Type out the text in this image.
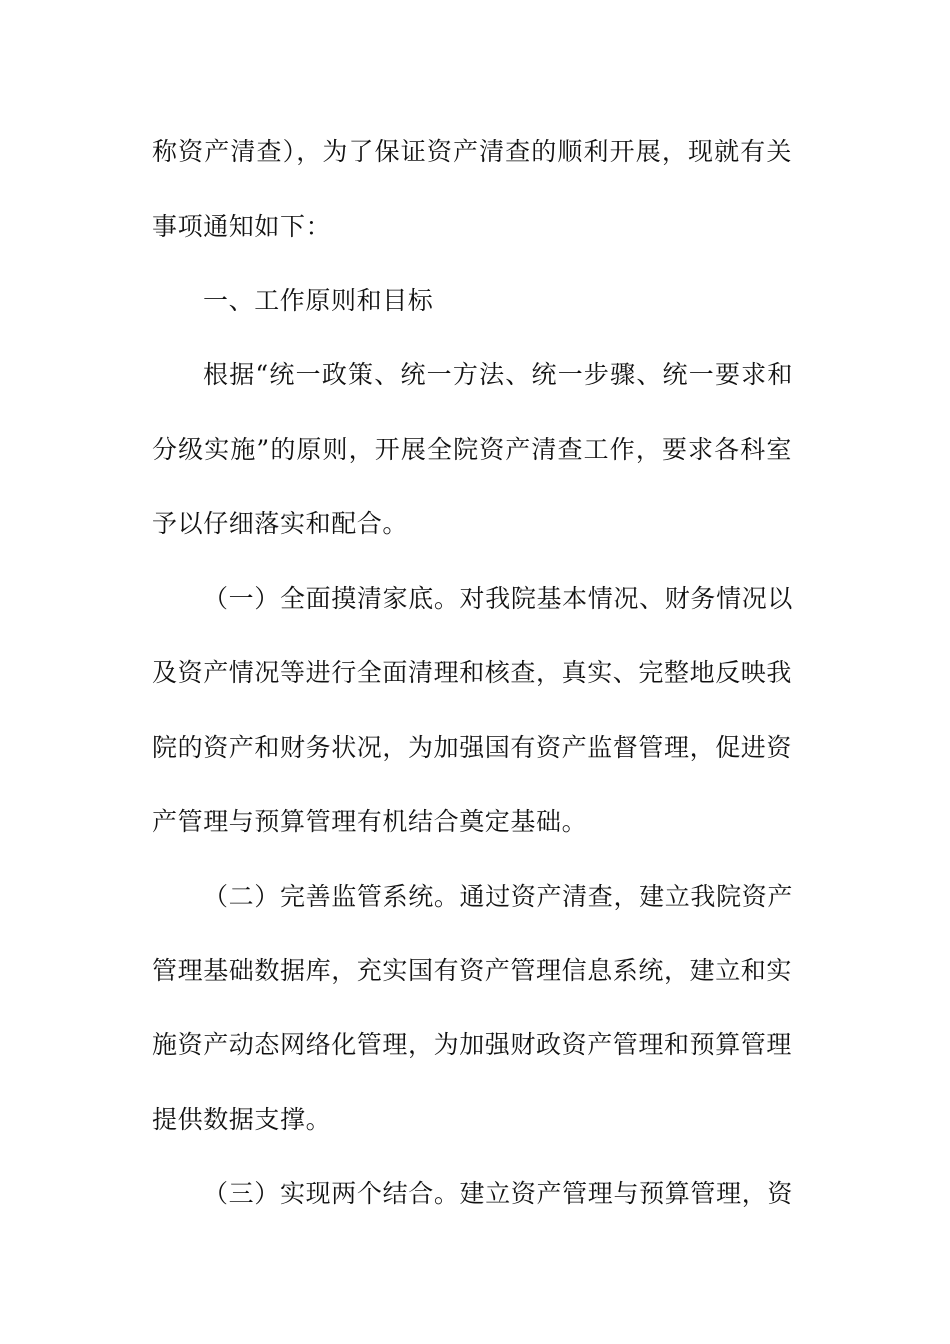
称资产清查），为了保证资产清查的顺利开展，现就有关
事项通知如下：
一、工作原则和目标
根据“统一政策、统一方法、统一步骤、统一要求和
分级实施”的原则，开展全院资产清查工作，要求各科室
予以仔细落实和配合。
（一）全面摸清家底。对我院基本情况、财务情况以
及资产情况等进行全面清理和核查，真实、完整地反映我
院的资产和财务状况，为加强国有资产监督管理，促进资
产管理与预算管理有机结合奠定基础。
（二）完善监管系统。通过资产清查，建立我院资产
管理基础数据库，充实国有资产管理信息系统，建立和实
施资产动态网络化管理，为加强财政资产管理和预算管理
提供数据支撑。
（三）实现两个结合。建立资产管理与预算管理，资
